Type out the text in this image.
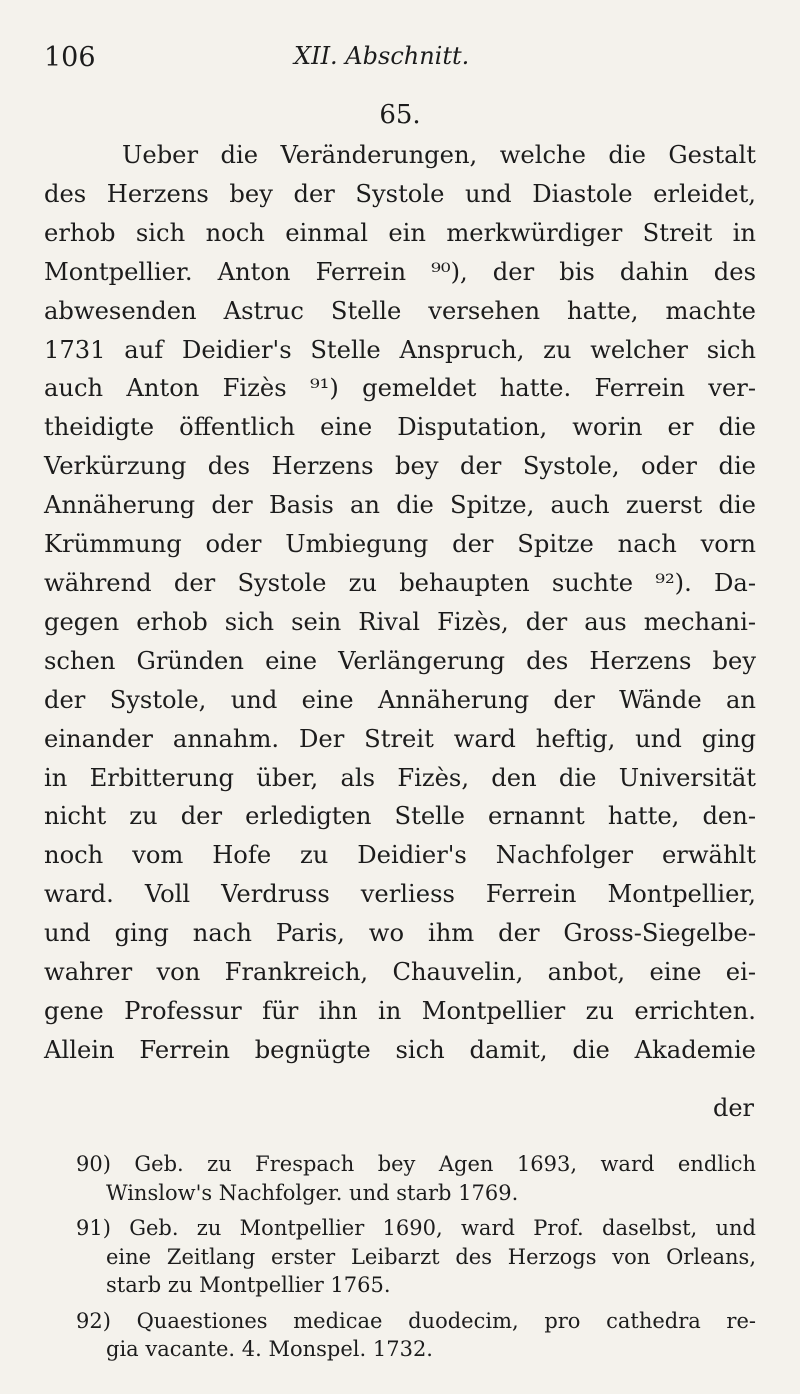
106	XII. Abschnitt.
65.
Ueber die Veränderungen, welche die Gestalt
des Herzens bey der Systole und Diastole erleidet,
erhob sich noch einmal ein merkwürdiger Streit in
Montpellier. Anton Ferrein ⁹⁰), der bis dahin des
abwesenden Astruc Stelle versehen hatte, machte
1731 auf Deidier's Stelle Anspruch, zu welcher sich
auch Anton Fizès ⁹¹) gemeldet hatte. Ferrein ver-
theidigte öffentlich eine Disputation, worin er die
Verkürzung des Herzens bey der Systole, oder die
Annäherung der Basis an die Spitze, auch zuerst die
Krümmung oder Umbiegung der Spitze nach vorn
während der Systole zu behaupten suchte ⁹²). Da-
gegen erhob sich sein Rival Fizès, der aus mechani-
schen Gründen eine Verlängerung des Herzens bey
der Systole, und eine Annäherung der Wände an
einander annahm. Der Streit ward heftig, und ging
in Erbitterung über, als Fizès, den die Universität
nicht zu der erledigten Stelle ernannt hatte, den-
noch vom Hofe zu Deidier's Nachfolger erwählt
ward. Voll Verdruss verliess Ferrein Montpellier,
und ging nach Paris, wo ihm der Gross-Siegelbe-
wahrer von Frankreich, Chauvelin, anbot, eine ei-
gene Professur für ihn in Montpellier zu errichten.
Allein Ferrein begnügte sich damit, die Akademie
der
90) Geb. zu Frespach bey Agen 1693, ward endlich
Winslow's Nachfolger. und starb 1769.
91) Geb. zu Montpellier 1690, ward Prof. daselbst, und
eine Zeitlang erster Leibarzt des Herzogs von Orleans,
starb zu Montpellier 1765.
92) Quaestiones medicae duodecim, pro cathedra re-
gia vacante. 4. Monspel. 1732.
